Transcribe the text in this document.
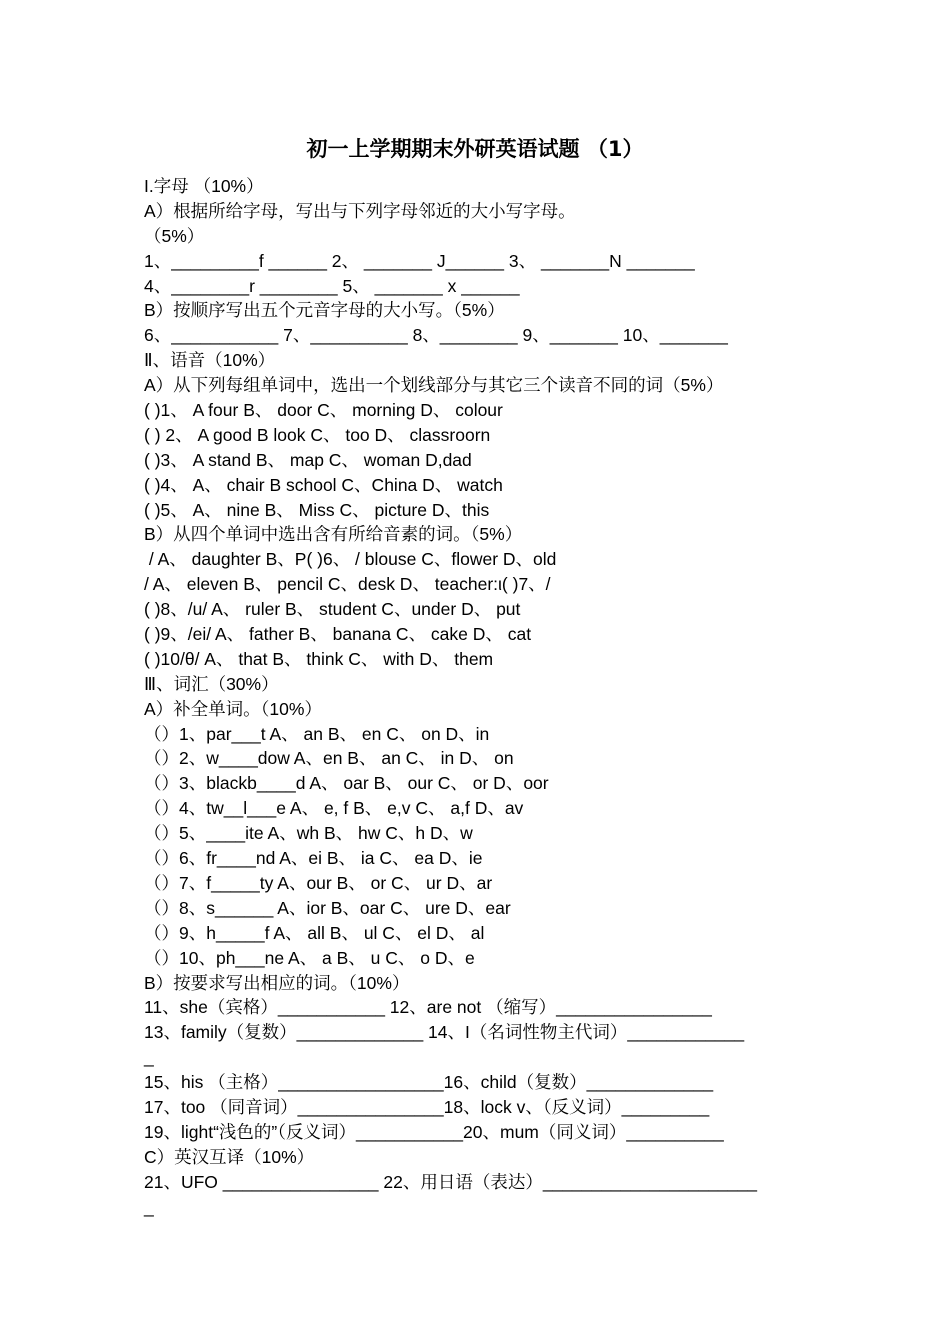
初一上学期期末外研英语试题 （1）
I.字母 （10%）
A）根据所给字母，写出与下列字母邻近的大小写字母。
（5%）
1、_________f ______ 2、 _______ J______ 3、 _______N _______
4、________r ________ 5、 _______ x ______
B）按顺序写出五个元音字母的大小写。（5%）
6、___________ 7、__________ 8、________ 9、_______ 10、_______
Ⅱ、语音（10%）
A）从下列每组单词中，选出一个划线部分与其它三个读音不同的词（5%）
( )1、 A four B、 door C、 morning D、 colour
( ) 2、 A good B look C、 too D、 classroorn
( )3、 A stand B、 map C、 woman D,dad
( )4、 A、 chair B school C、China D、 watch
( )5、 A、 nine B、 Miss C、 picture D、this
B）从四个单词中选出含有所给音素的词。（5%）
/ A、 daughter B、P( )6、 / blouse C、flower D、old
/ A、 eleven B、 pencil C、desk D、 teacher:ι( )7、/
( )8、/u/ A、 ruler B、 student C、under D、 put
( )9、/ei/ A、 father B、 banana C、 cake D、 cat
( )10/θ/ A、 that B、 think C、 with D、 them
Ⅲ、词汇（30%）
A）补全单词。（10%）
（）1、par___t A、 an B、 en C、 on D、in
（）2、w____dow A、en B、 an C、 in D、 on
（）3、blackb____d A、 oar B、 our C、 or D、oor
（）4、tw__l___e A、 e, f B、 e,v C、 a,f D、av
（）5、____ite A、wh B、 hw C、h D、w
（）6、fr____nd A、ei B、 ia C、 ea D、ie
（）7、f_____ty A、our B、 or C、 ur D、ar
（）8、s______ A、ior B、oar C、 ure D、ear
（）9、h_____f A、 all B、 ul C、 el D、 al
（）10、ph___ne A、 a B、 u C、 o D、e
B）按要求写出相应的词。（10%）
11、she（宾格）___________ 12、are not （缩写）________________
13、family（复数）_____________ 14、I（名词性物主代词）____________
_
15、his （主格）_________________16、child（复数）_____________
17、too （同音词）_______________18、lock v、（反义词）_________
19、light“浅色的”（反义词）___________20、mum（同义词）__________
C）英汉互译（10%）
21、UFO ________________ 22、用日语（表达）______________________
_
